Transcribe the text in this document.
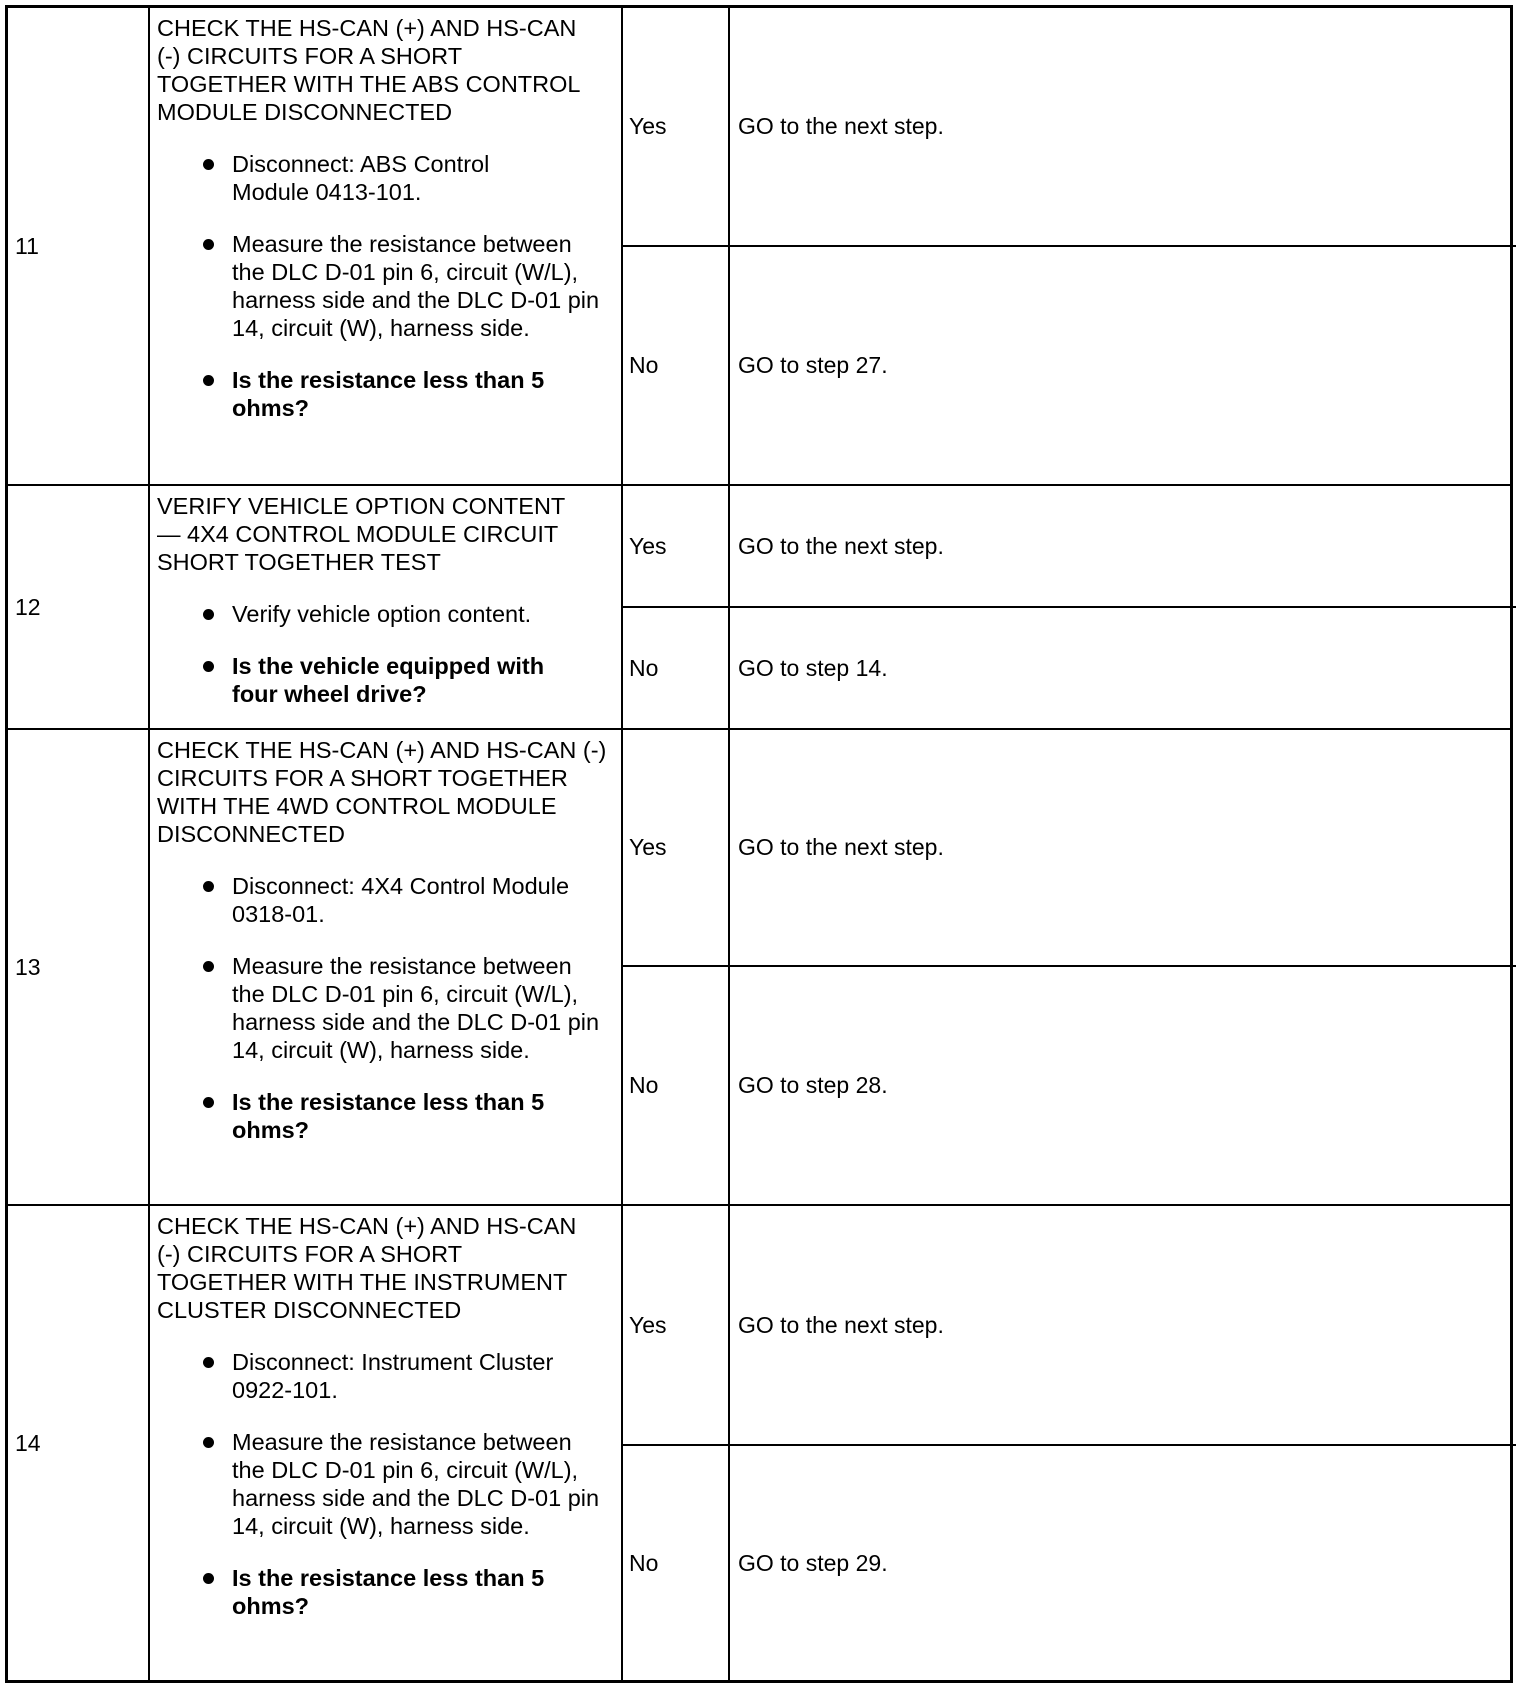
11
CHECK THE HS-CAN (+) AND HS-CAN (-) CIRCUITS FOR A SHORT TOGETHER WITH THE ABS CONTROL MODULE DISCONNECTED
Disconnect: ABS Control Module 0413-101.
Measure the resistance between the DLC D-01 pin 6, circuit (W/L), harness side and the DLC D-01 pin 14, circuit (W), harness side.
Is the resistance less than 5 ohms?
Yes	GO to the next step.
No	GO to step 27.
12
VERIFY VEHICLE OPTION CONTENT — 4X4 CONTROL MODULE CIRCUIT SHORT TOGETHER TEST
Verify vehicle option content.
Is the vehicle equipped with four wheel drive?
Yes	GO to the next step.
No	GO to step 14.
13
CHECK THE HS-CAN (+) AND HS-CAN (-) CIRCUITS FOR A SHORT TOGETHER WITH THE 4WD CONTROL MODULE DISCONNECTED
Disconnect: 4X4 Control Module 0318-01.
Measure the resistance between the DLC D-01 pin 6, circuit (W/L), harness side and the DLC D-01 pin 14, circuit (W), harness side.
Is the resistance less than 5 ohms?
Yes	GO to the next step.
No	GO to step 28.
14
CHECK THE HS-CAN (+) AND HS-CAN (-) CIRCUITS FOR A SHORT TOGETHER WITH THE INSTRUMENT CLUSTER DISCONNECTED
Disconnect: Instrument Cluster 0922-101.
Measure the resistance between the DLC D-01 pin 6, circuit (W/L), harness side and the DLC D-01 pin 14, circuit (W), harness side.
Is the resistance less than 5 ohms?
Yes	GO to the next step.
No	GO to step 29.
